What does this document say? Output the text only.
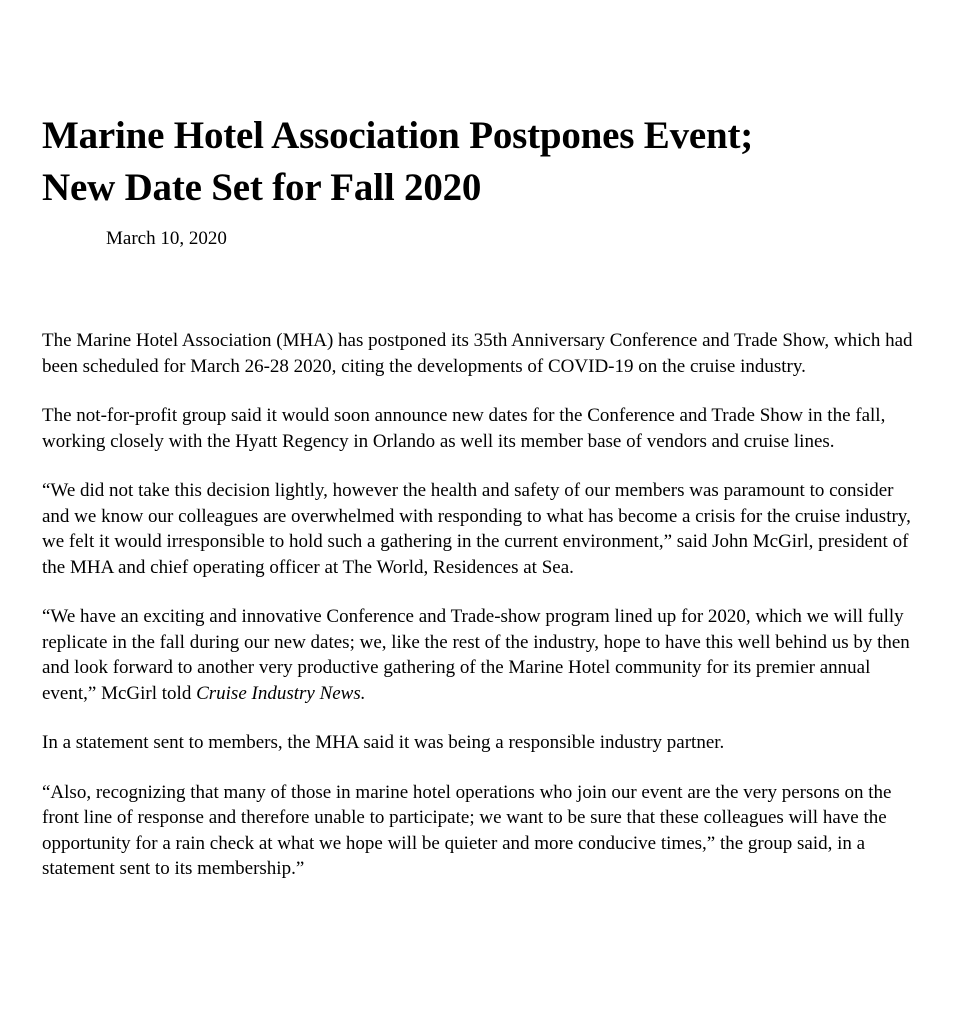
Marine Hotel Association Postpones Event;
New Date Set for Fall 2020
March 10, 2020

The Marine Hotel Association (MHA) has postponed its 35th Anniversary Conference and Trade Show, which had been scheduled for March 26-28 2020, citing the developments of COVID-19 on the cruise industry.

The not-for-profit group said it would soon announce new dates for the Conference and Trade Show in the fall, working closely with the Hyatt Regency in Orlando as well its member base of vendors and cruise lines.

“We did not take this decision lightly, however the health and safety of our members was paramount to consider and we know our colleagues are overwhelmed with responding to what has become a crisis for the cruise industry, we felt it would irresponsible to hold such a gathering in the current environment,” said John McGirl, president of the MHA and chief operating officer at The World, Residences at Sea.

“We have an exciting and innovative Conference and Trade-show program lined up for 2020, which we will fully replicate in the fall during our new dates; we, like the rest of the industry, hope to have this well behind us by then and look forward to another very productive gathering of the Marine Hotel community for its premier annual event,” McGirl told Cruise Industry News.

In a statement sent to members, the MHA said it was being a responsible industry partner.

“Also, recognizing that many of those in marine hotel operations who join our event are the very persons on the front line of response and therefore unable to participate; we want to be sure that these colleagues will have the opportunity for a rain check at what we hope will be quieter and more conducive times,” the group said, in a statement sent to its membership.”
